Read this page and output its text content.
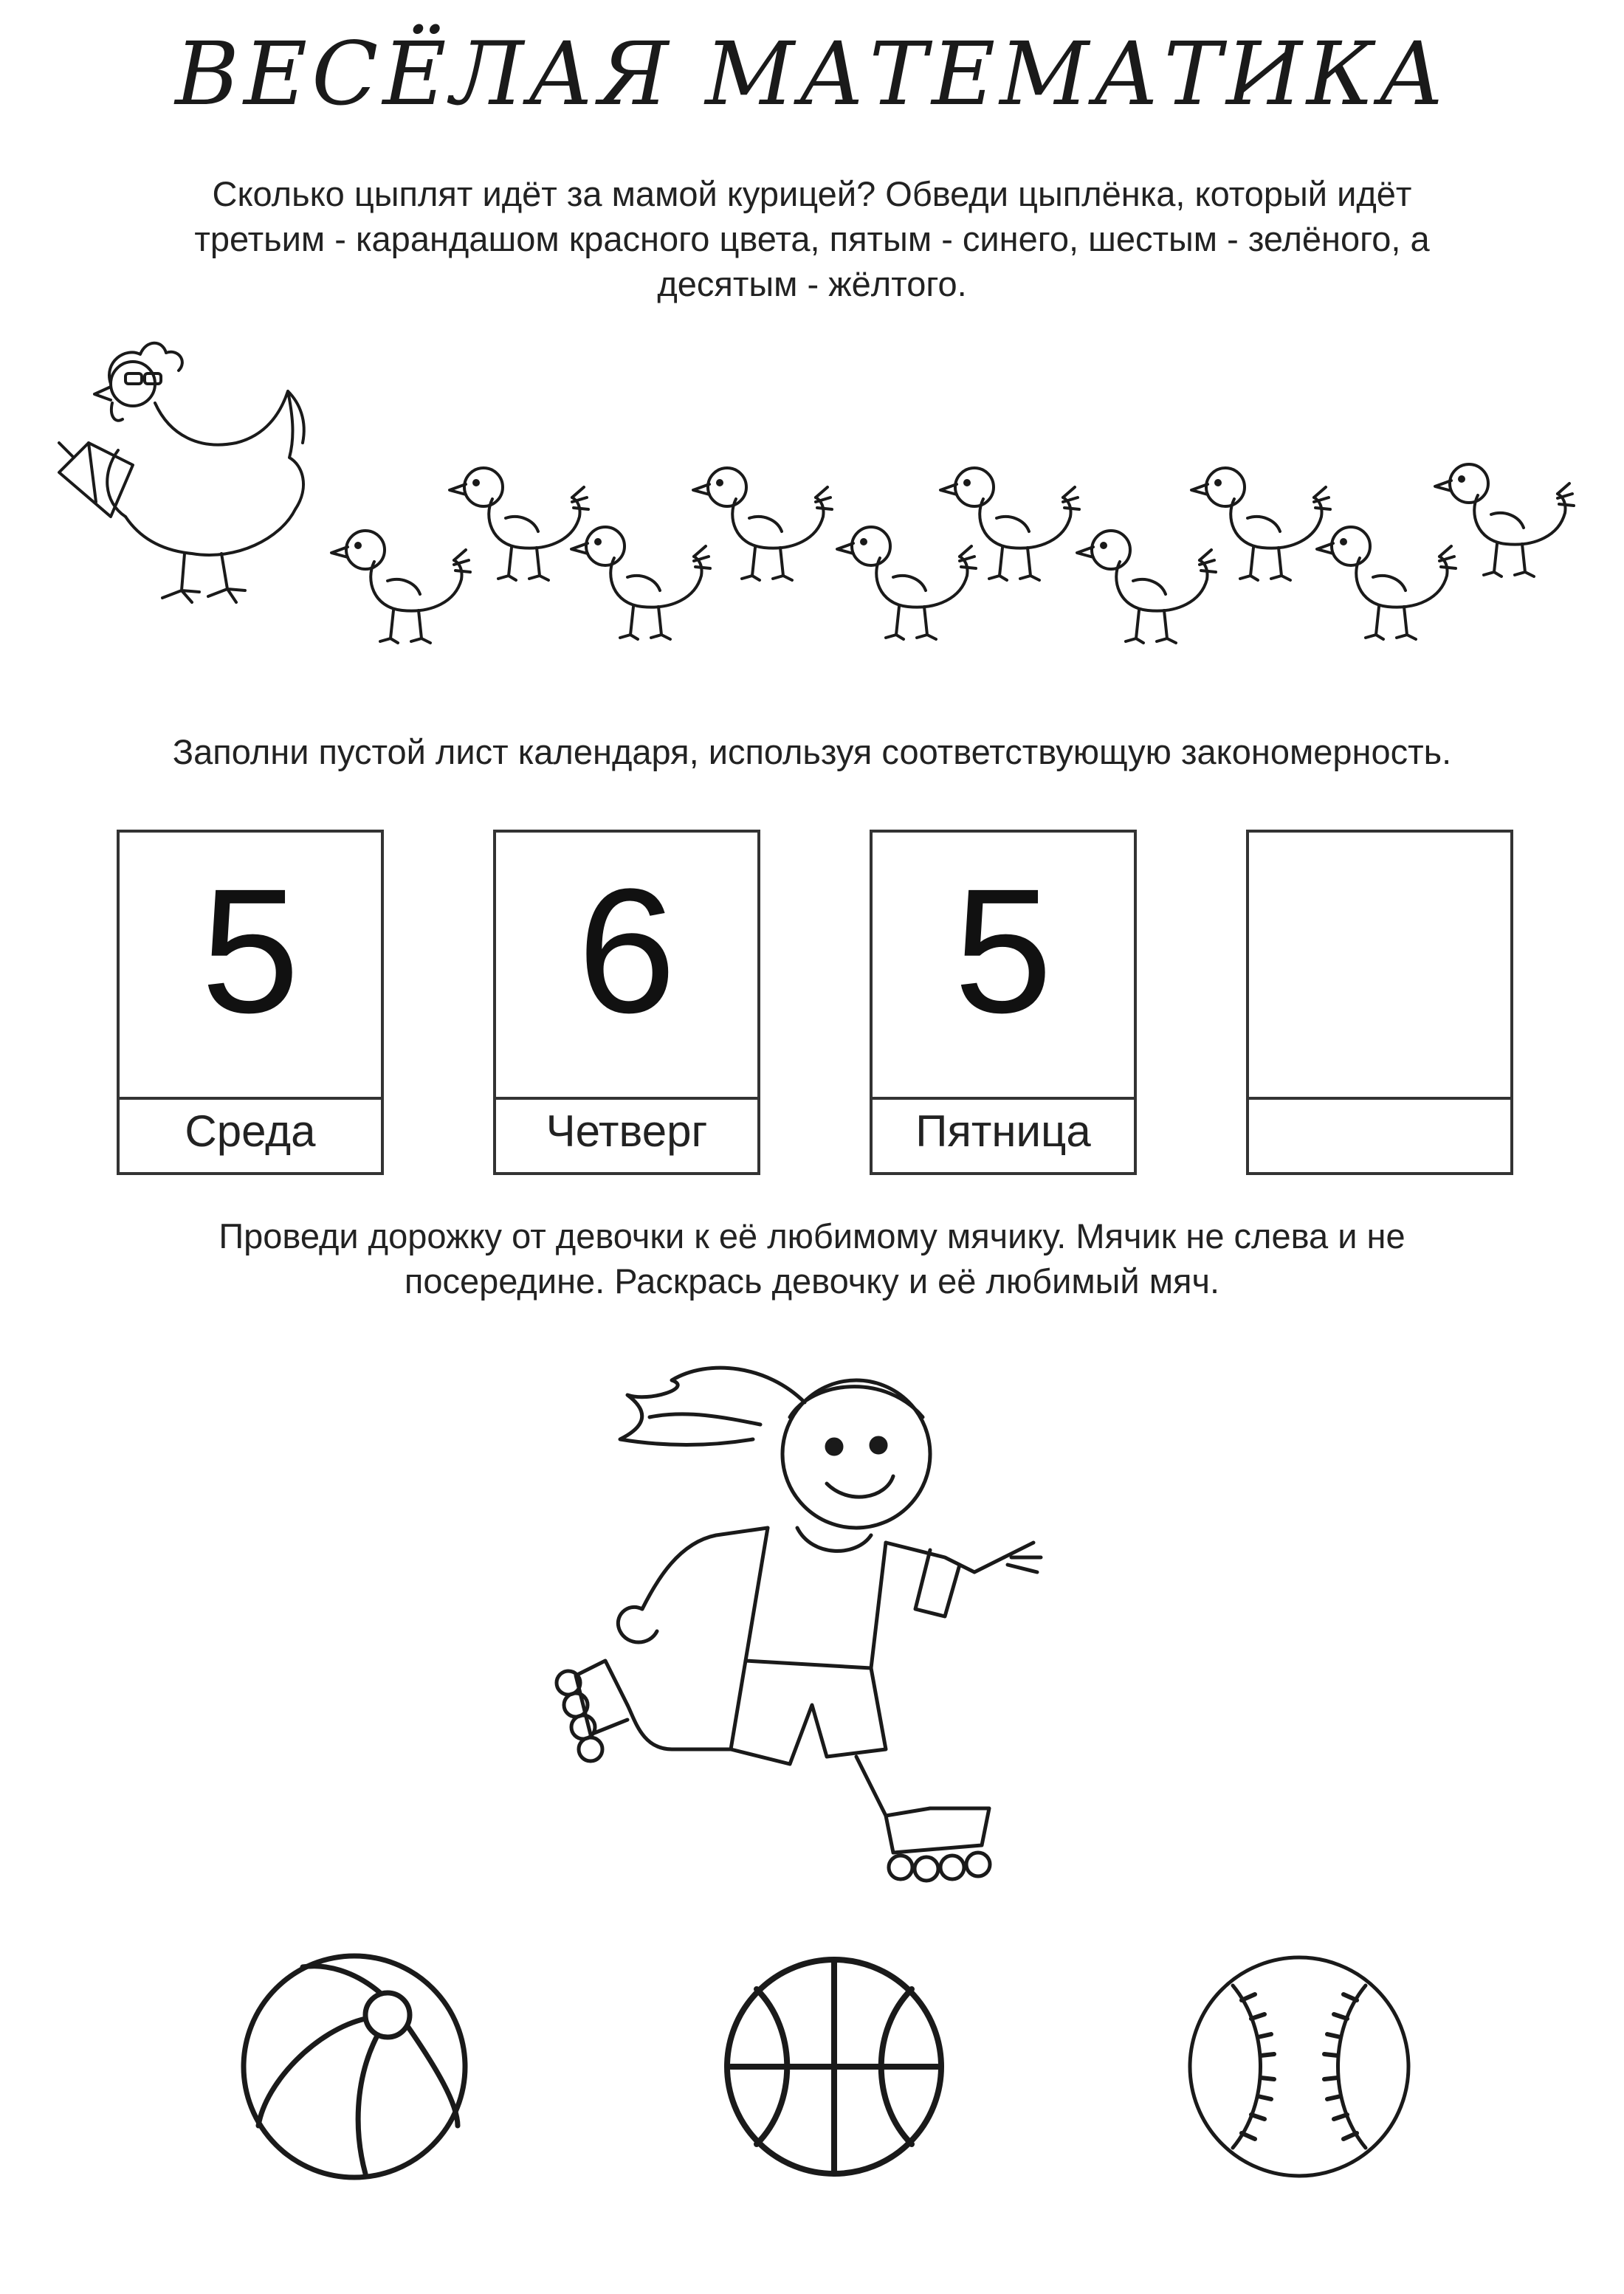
ВЕСЁЛАЯ МАТЕМАТИКА
Сколько цыплят идёт за мамой курицей? Обведи цыплёнка, который идёт
третьим - карандашом красного цвета, пятым - синего, шестым - зелёного, а
десятым - жёлтого.
Заполни пустой лист календаря, используя соответствующую закономерность.
5
Среда
6
Четверг
5
Пятница
Проведи дорожку от девочки к её любимому мячику. Мячик не слева и не
посередине. Раскрась девочку и её любимый мяч.
